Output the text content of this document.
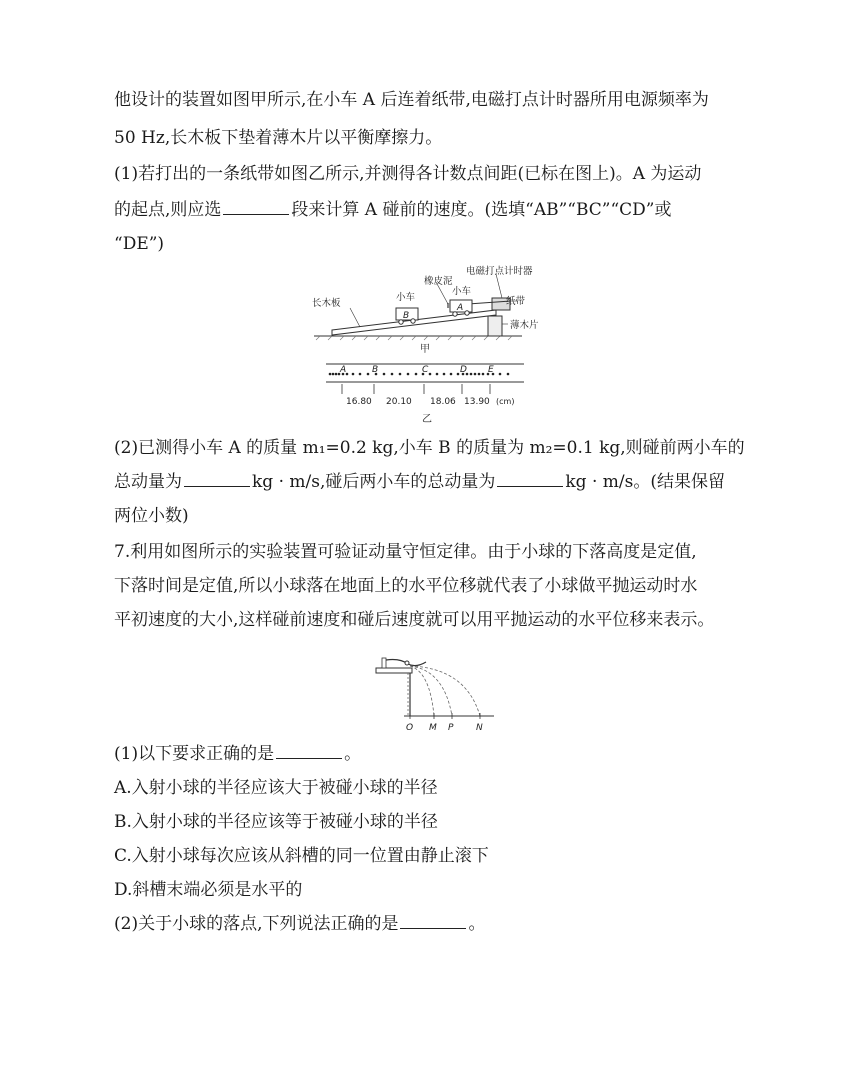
他设计的装置如图甲所示,在小车 A 后连着纸带,电磁打点计时器所用电源频率为
50 Hz,长木板下垫着薄木片以平衡摩擦力。
(1)若打出的一条纸带如图乙所示,并测得各计数点间距(已标在图上)。A 为运动
的起点,则应选	段来计算 A 碰前的速度。(选填“AB”“BC”“CD”或
“DE”)
橡皮泥
电磁打点计时器
小车
小车
长木板	纸带
薄木片
A
B
甲
A	B	C	D E
16.80 20.10 18.06 13.90 (cm)
乙
(2)已测得小车 A 的质量 m₁=0.2 kg,小车 B 的质量为 m₂=0.1 kg,则碰前两小车的
总动量为	kg · m/s,碰后两小车的总动量为	kg · m/s。(结果保留
两位小数)
7.利用如图所示的实验装置可验证动量守恒定律。由于小球的下落高度是定值,
下落时间是定值,所以小球落在地面上的水平位移就代表了小球做平抛运动时水
平初速度的大小,这样碰前速度和碰后速度就可以用平抛运动的水平位移来表示。
O M P	N
(1)以下要求正确的是	。
A.入射小球的半径应该大于被碰小球的半径
B.入射小球的半径应该等于被碰小球的半径
C.入射小球每次应该从斜槽的同一位置由静止滚下
D.斜槽末端必须是水平的
(2)关于小球的落点,下列说法正确的是	。
